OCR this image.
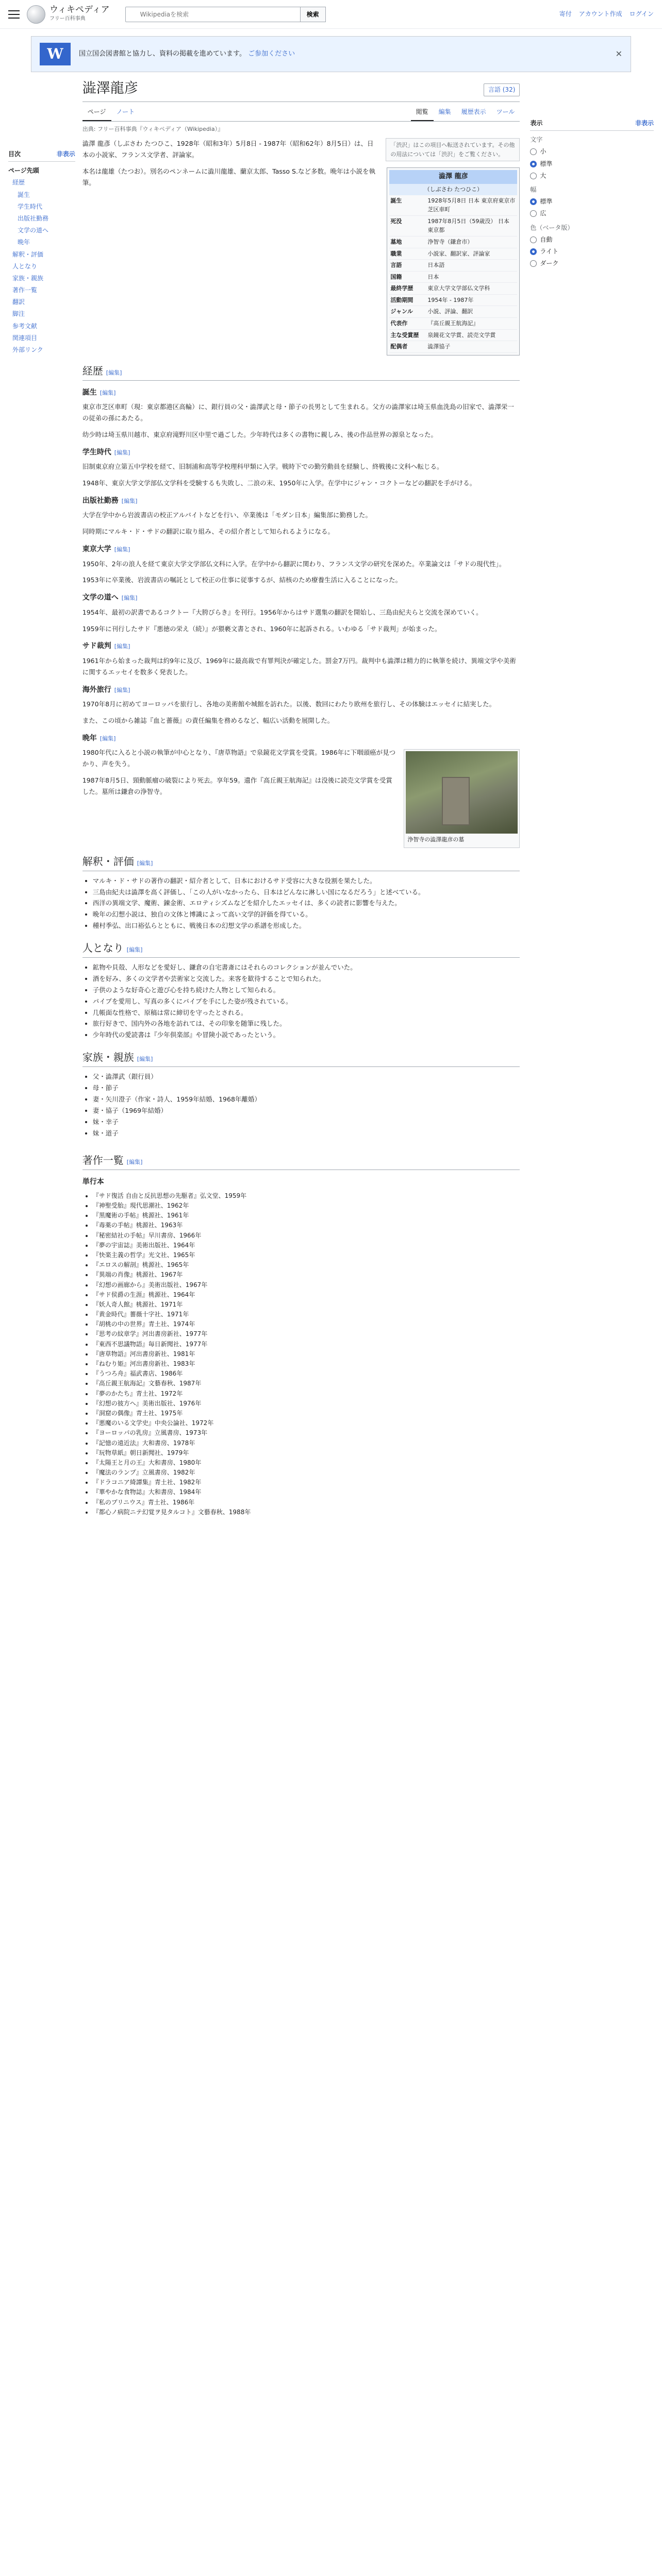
ウィキペディア
フリー百科事典
Wikipediaを検索
検索	寄付 アカウント作成 ログイン
W	国立国会図書館と協力し、資料の掲載を進めています。 ご参加ください	✕
目次	非表示
ページ先頭
経歴
誕生
学生時代
出版社勤務
文学の道へ
晩年
解釈・評価
人となり
家族・親族
著作一覧
翻訳
脚注
参考文献
関連項目
外部リンク
澁澤龍彦	言語 (32)
ページ	ノート	閲覧	編集	履歴表示	ツール
出典: フリー百科事典『ウィキペディア（Wikipedia）』
「渋沢」はこの項目へ転送されています。その他の用法については「渋沢」をご覧ください。
澁澤 龍彦
（しぶさわ たつひこ）
誕生	1928年5月8日 日本 東京府東京市芝区車町
死没	1987年8月5日（59歳没） 日本 東京都
墓地	浄智寺（鎌倉市）
職業	小説家、翻訳家、評論家
言語	日本語
国籍	日本
最終学歴	東京大学文学部仏文学科
活動期間	1954年 - 1987年
ジャンル	小説、評論、翻訳
代表作	『高丘親王航海記』
主な受賞歴	泉鏡花文学賞、読売文学賞
配偶者	澁澤協子

澁澤 龍彥（しぶさわ たつひこ、1928年（昭和3年）5月8日 - 1987年（昭和62年）8月5日）は、日本の小説家、フランス文学者、評論家。

本名は龍雄（たつお）。別名のペンネームに澁川龍雄、蘭京太郎、Tasso S.など多数。晩年は小説を執筆。

経歴 [編集]
誕生 [編集]

東京市芝区車町（現：東京都港区高輪）に、銀行員の父・澁澤武と母・節子の長男として生まれる。父方の澁澤家は埼玉県血洗島の旧家で、澁澤栄一の従弟の孫にあたる。

幼少時は埼玉県川越市、東京府滝野川区中里で過ごした。少年時代は多くの書物に親しみ、後の作品世界の源泉となった。

学生時代 [編集]

旧制東京府立第五中学校を経て、旧制浦和高等学校理科甲類に入学。戦時下での勤労動員を経験し、終戦後に文科へ転じる。

1948年、東京大学文学部仏文学科を受験するも失敗し、二浪の末、1950年に入学。在学中にジャン・コクトーなどの翻訳を手がける。

出版社勤務 [編集]

大学在学中から岩波書店の校正アルバイトなどを行い、卒業後は「モダン日本」編集部に勤務した。

同時期にマルキ・ド・サドの翻訳に取り組み、その紹介者として知られるようになる。

東京大学 [編集]

1950年、2年の浪人を経て東京大学文学部仏文科に入学。在学中から翻訳に関わり、フランス文学の研究を深めた。卒業論文は「サドの現代性」。

1953年に卒業後、岩波書店の嘱託として校正の仕事に従事するが、結核のため療養生活に入ることになった。

文学の道へ [編集]

1954年、最初の訳書であるコクトー『大胯びらき』を刊行。1956年からはサド選集の翻訳を開始し、三島由紀夫らと交流を深めていく。

1959年に刊行したサド『悪徳の栄え（続）』が猥褻文書とされ、1960年に起訴される。いわゆる「サド裁判」が始まった。

サド裁判 [編集]

1961年から始まった裁判は約9年に及び、1969年に最高裁で有罪判決が確定した。罰金7万円。裁判中も澁澤は精力的に執筆を続け、異端文学や美術に関するエッセイを数多く発表した。

海外旅行 [編集]

1970年8月に初めてヨーロッパを旅行し、各地の美術館や城館を訪れた。以後、数回にわたり欧州を旅行し、その体験はエッセイに結実した。

また、この頃から雑誌『血と薔薇』の責任編集を務めるなど、幅広い活動を展開した。

晩年 [編集]
浄智寺の澁澤龍彦の墓

1980年代に入ると小説の執筆が中心となり、『唐草物語』で泉鏡花文学賞を受賞。1986年に下咽頭癌が見つかり、声を失う。

1987年8月5日、頸動脈瘤の破裂により死去。享年59。遺作『高丘親王航海記』は没後に読売文学賞を受賞した。墓所は鎌倉の浄智寺。

解釈・評価 [編集]
• マルキ・ド・サドの著作の翻訳・紹介者として、日本におけるサド受容に大きな役割を果たした。
• 三島由紀夫は澁澤を高く評価し、「この人がいなかったら、日本はどんなに淋しい国になるだろう」と述べている。
• 西洋の異端文学、魔術、錬金術、エロティシズムなどを紹介したエッセイは、多くの読者に影響を与えた。
• 晩年の幻想小説は、独自の文体と博識によって高い文学的評価を得ている。
• 種村季弘、出口裕弘らとともに、戦後日本の幻想文学の系譜を形成した。
人となり [編集]
• 鉱物や貝殻、人形などを愛好し、鎌倉の自宅書斎にはそれらのコレクションが並んでいた。
• 酒を好み、多くの文学者や芸術家と交流した。来客を歓待することで知られた。
• 子供のような好奇心と遊び心を持ち続けた人物として知られる。
• パイプを愛用し、写真の多くにパイプを手にした姿が残されている。
• 几帳面な性格で、原稿は常に締切を守ったとされる。
• 旅行好きで、国内外の各地を訪れては、その印象を随筆に残した。
• 少年時代の愛読書は『少年倶楽部』や冒険小説であったという。
家族・親族 [編集]
• 父・澁澤武（銀行員）
• 母・節子
• 妻・矢川澄子（作家・詩人、1959年結婚、1968年離婚）
• 妻・協子（1969年結婚）
• 妹・幸子
• 妹・道子
著作一覧 [編集]
単行本
• 『サド復活 自由と反抗思想の先駆者』弘文堂、1959年
• 『神聖受胎』現代思潮社、1962年
• 『黒魔術の手帖』桃源社、1961年
• 『毒薬の手帖』桃源社、1963年
• 『秘密結社の手帖』早川書房、1966年
• 『夢の宇宙誌』美術出版社、1964年
• 『快楽主義の哲学』光文社、1965年
• 『エロスの解剖』桃源社、1965年
• 『異端の肖像』桃源社、1967年
• 『幻想の画廊から』美術出版社、1967年
• 『サド侯爵の生涯』桃源社、1964年
• 『妖人奇人館』桃源社、1971年
• 『黄金時代』薔薇十字社、1971年
• 『胡桃の中の世界』青土社、1974年
• 『思考の紋章学』河出書房新社、1977年
• 『東西不思議物語』毎日新聞社、1977年
• 『唐草物語』河出書房新社、1981年
• 『ねむり姫』河出書房新社、1983年
• 『うつろ舟』福武書店、1986年
• 『高丘親王航海記』文藝春秋、1987年
• 『夢のかたち』青土社、1972年
• 『幻想の彼方へ』美術出版社、1976年
• 『洞窟の偶像』青土社、1975年
• 『悪魔のいる文学史』中央公論社、1972年
• 『ヨーロッパの乳房』立風書房、1973年
• 『記憶の遠近法』大和書房、1978年
• 『玩物草紙』朝日新聞社、1979年
• 『太陽王と月の王』大和書房、1980年
• 『魔法のランプ』立風書房、1982年
• 『ドラコニア綺譚集』青土社、1982年
• 『華やかな食物誌』大和書房、1984年
• 『私のプリニウス』青土社、1986年
• 『都心ノ病院ニテ幻覚ヲ見タルコト』文藝春秋、1988年
表示	非表示
文字
小
標準
大
幅
標準
広
色（ベータ版）
自動
ライト
ダーク
